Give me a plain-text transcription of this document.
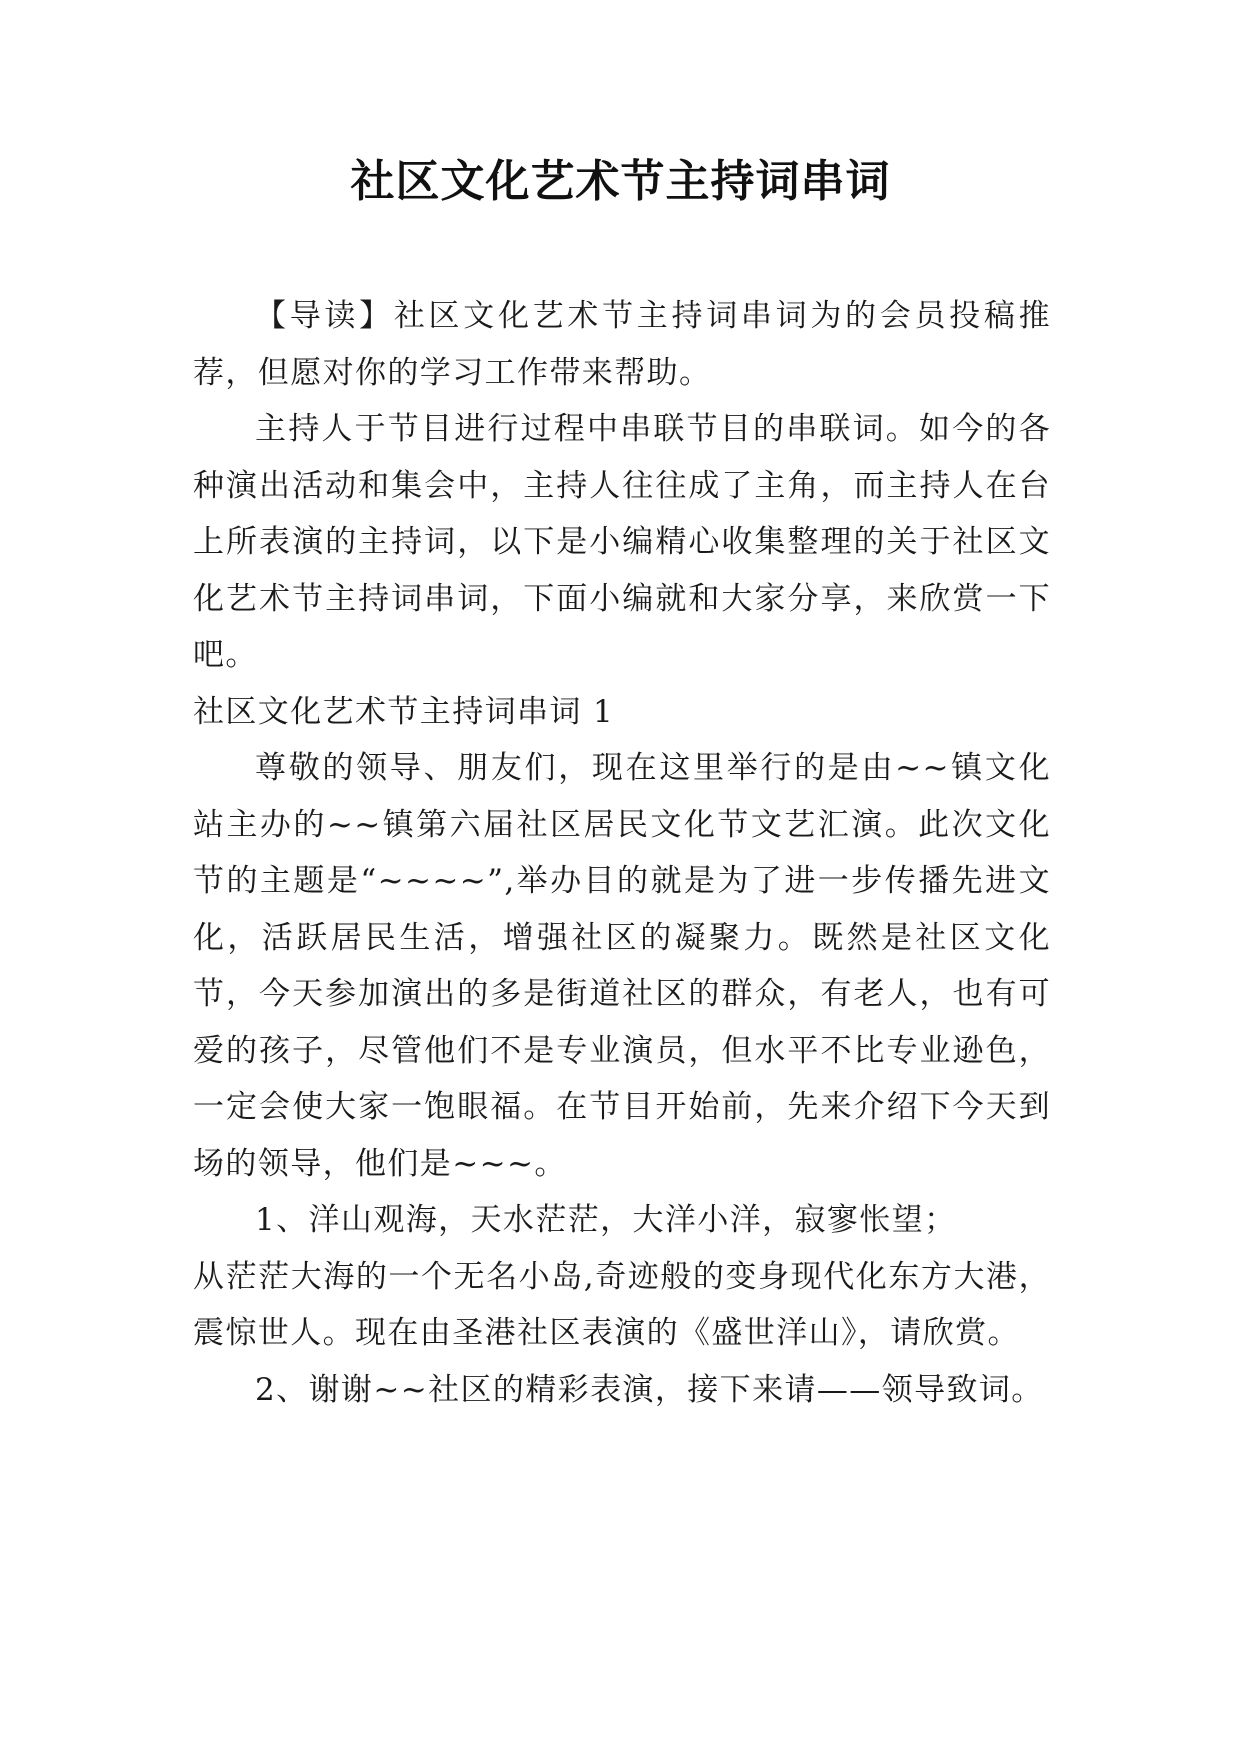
社区文化艺术节主持词串词

【导读】社区文化艺术节主持词串词为的会员投稿推荐，但愿对你的学习工作带来帮助。

主持人于节目进行过程中串联节目的串联词。如今的各种演出活动和集会中，主持人往往成了主角，而主持人在台上所表演的主持词，以下是小编精心收集整理的关于社区文化艺术节主持词串词，下面小编就和大家分享，来欣赏一下吧。

社区文化艺术节主持词串词 1

尊敬的领导、朋友们，现在这里举行的是由~~镇文化站主办的~~镇第六届社区居民文化节文艺汇演。此次文化节的主题是“~~~~”,举办目的就是为了进一步传播先进文化，活跃居民生活，增强社区的凝聚力。既然是社区文化节，今天参加演出的多是街道社区的群众，有老人，也有可爱的孩子，尽管他们不是专业演员，但水平不比专业逊色，一定会使大家一饱眼福。在节目开始前，先来介绍下今天到场的领导，他们是~~~。

1、洋山观海，天水茫茫，大洋小洋，寂寥怅望；

从茫茫大海的一个无名小岛,奇迹般的变身现代化东方大港，震惊世人。现在由圣港社区表演的《盛世洋山》，请欣赏。

2、谢谢~~社区的精彩表演，接下来请——领导致词。
